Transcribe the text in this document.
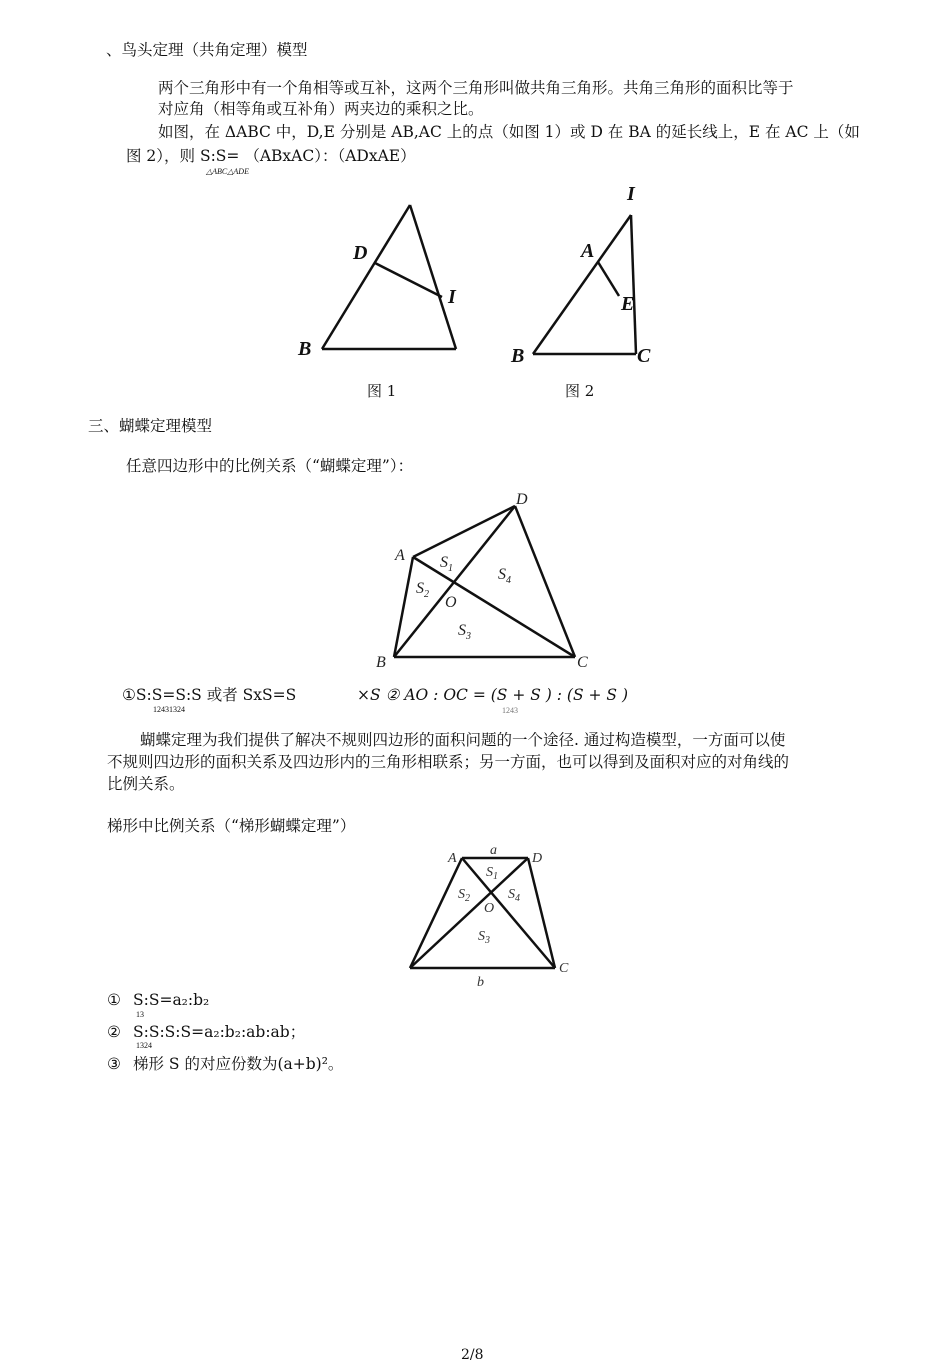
、鸟头定理（共角定理）模型
两个三角形中有一个角相等或互补，这两个三角形叫做共角三角形。共角三角形的面积比等于
对应角（相等角或互补角）两夹边的乘积之比。
如图，在 ΔABC 中，D,E 分别是 AB,AC 上的点（如图 1）或 D 在 BA 的延长线上，E 在 AC 上（如
图 2），则 S:S= （ABxAC）：（ADxAE）
△ABC△ADE
D
I
B
图 1
I
A
E
B	C
图 2
三、蝴蝶定理模型
任意四边形中的比例关系（“蝴蝶定理”）：
A
D
B	C
O
$S_1$
$S_2$
$S_3$
$S_4$
①S:S=S:S 或者 SxS=S
12431324
×S ② AO : OC = (S + S ) : (S + S )
1243
蝴蝶定理为我们提供了解决不规则四边形的面积问题的一个途径. 通过构造模型，一方面可以使
不规则四边形的面积关系及四边形内的三角形相联系；另一方面，也可以得到及面积对应的对角线的
比例关系。
梯形中比例关系（“梯形蝴蝶定理”）
A
a
D
C
b
O
$S_1$
$S_2$
$S_3$
$S_4$
① S:S=a₂:b₂
13
② S:S:S:S=a₂:b₂:ab:ab；
1324
③ 梯形 S 的对应份数为(a+b)²。
2/8
